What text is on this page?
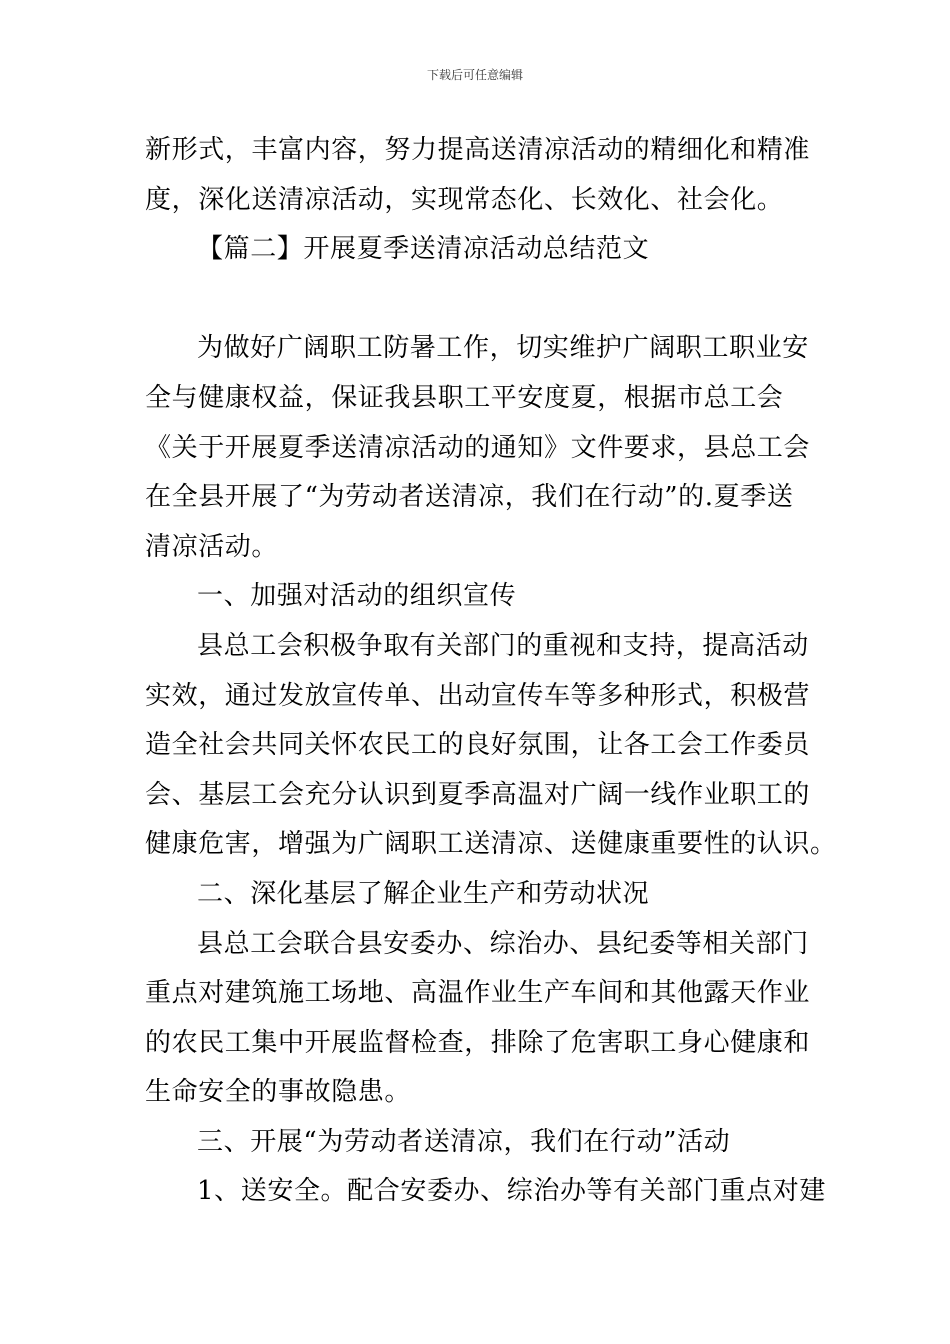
下载后可任意编辑
新形式，丰富内容，努力提高送清凉活动的精细化和精准
度，深化送清凉活动，实现常态化、长效化、社会化。
【篇二】开展夏季送清凉活动总结范文
为做好广阔职工防暑工作，切实维护广阔职工职业安
全与健康权益，保证我县职工平安度夏，根据市总工会
《关于开展夏季送清凉活动的通知》文件要求，县总工会
在全县开展了“为劳动者送清凉，我们在行动”的.夏季送
清凉活动。
一、加强对活动的组织宣传
县总工会积极争取有关部门的重视和支持，提高活动
实效，通过发放宣传单、出动宣传车等多种形式，积极营
造全社会共同关怀农民工的良好氛围，让各工会工作委员
会、基层工会充分认识到夏季高温对广阔一线作业职工的
健康危害，增强为广阔职工送清凉、送健康重要性的认识。
二、深化基层了解企业生产和劳动状况
县总工会联合县安委办、综治办、县纪委等相关部门
重点对建筑施工场地、高温作业生产车间和其他露天作业
的农民工集中开展监督检查，排除了危害职工身心健康和
生命安全的事故隐患。
三、开展“为劳动者送清凉，我们在行动”活动
1、送安全。配合安委办、综治办等有关部门重点对建
